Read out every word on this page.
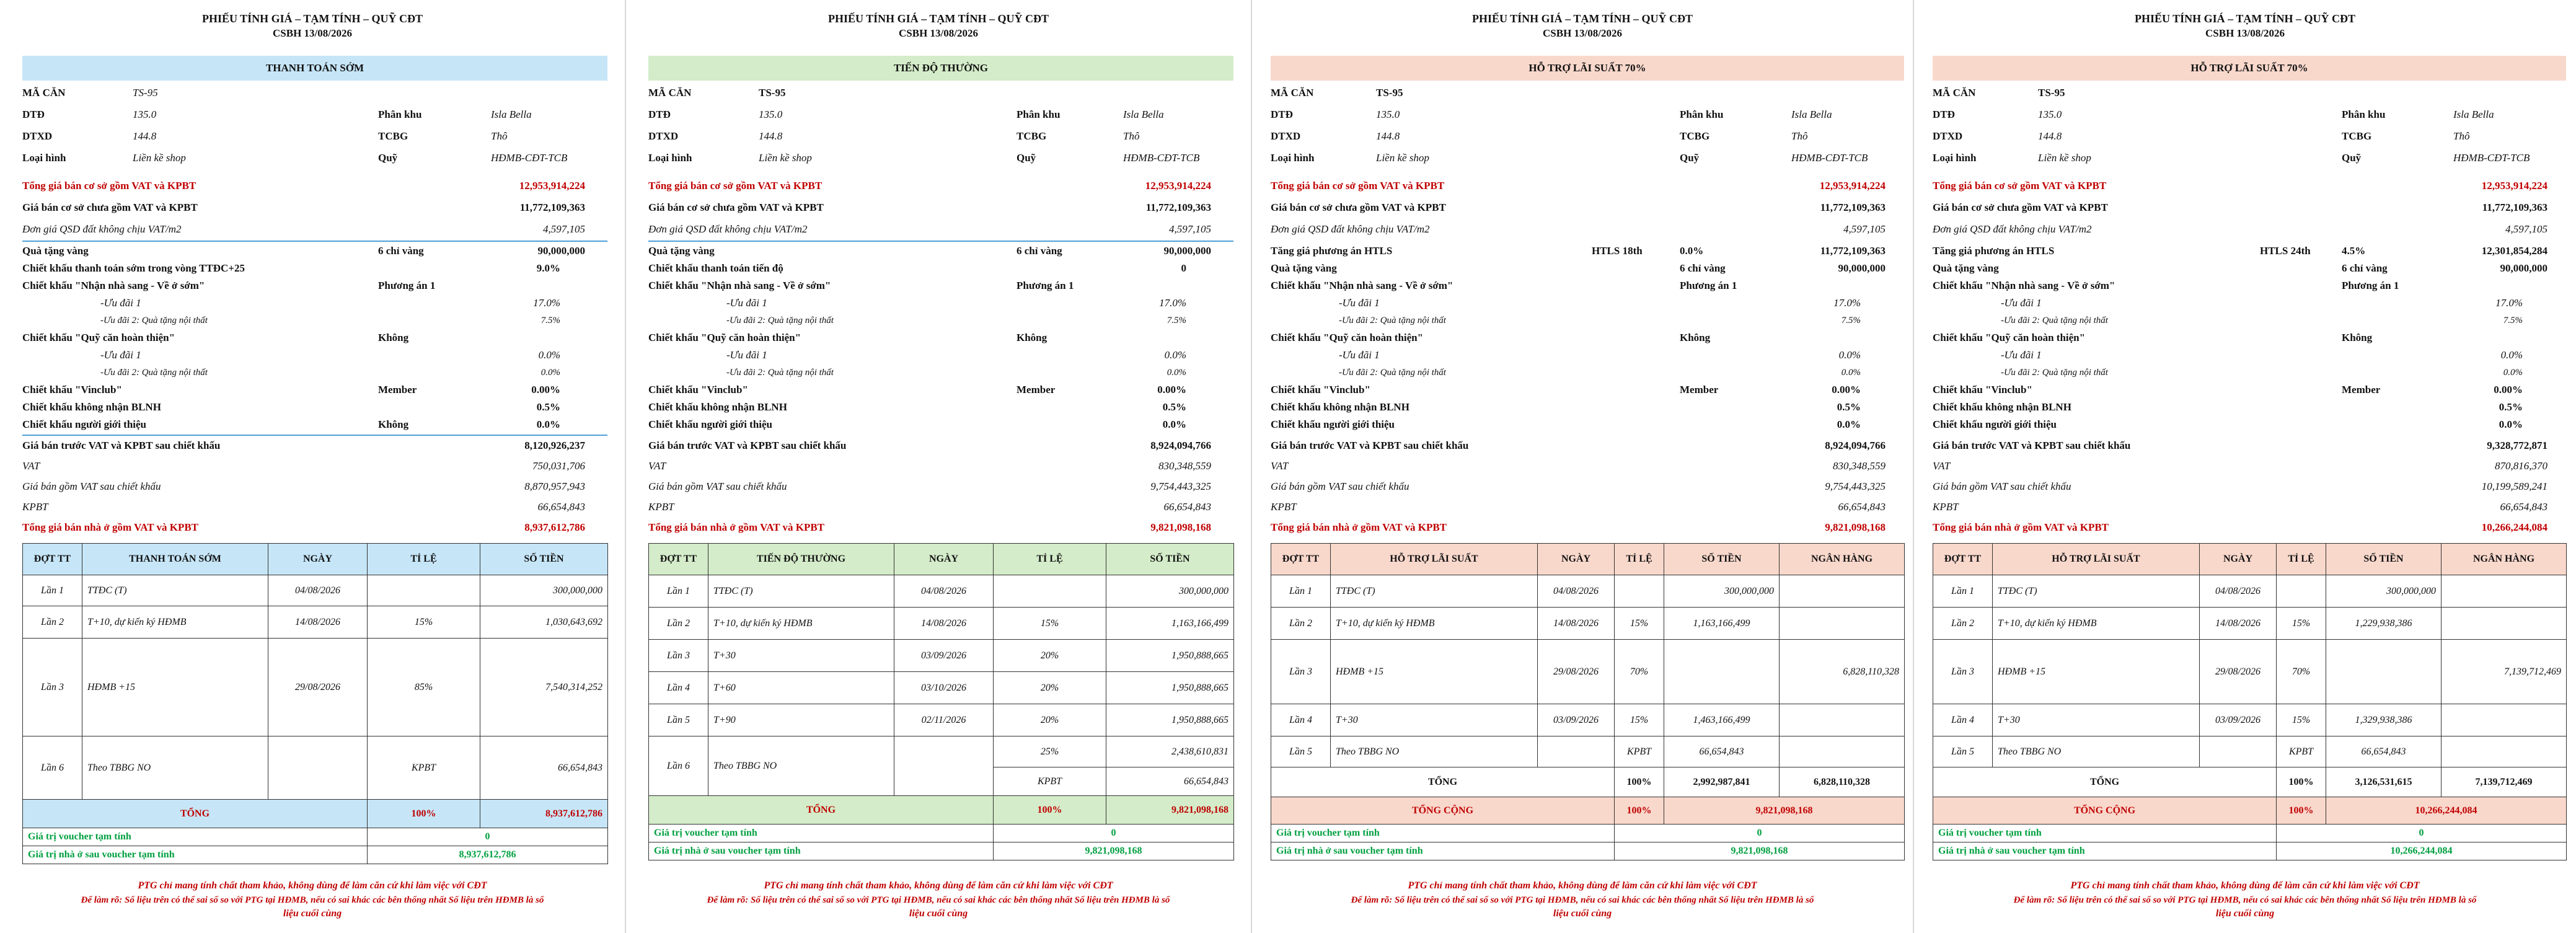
PHIẾU TÍNH GIÁ – TẠM TÍNH – QUỸ CĐT
CSBH 13/08/2026
THANH TOÁN SỚM
MÃ CĂN	TS-95
DTĐ	135.0	Phân khu	Isla Bella
DTXD	144.8	TCBG	Thô
Loại hình	Liền kề shop	Quỹ	HĐMB-CĐT-TCB
Tổng giá bán cơ sở gồm VAT và KPBT	12,953,914,224
Giá bán cơ sở chưa gồm VAT và KPBT	11,772,109,363
Đơn giá QSD đất không chịu VAT/m2	4,597,105
Quà tặng vàng	6 chỉ vàng	90,000,000
Chiết khấu thanh toán sớm trong vòng TTĐC+25	9.0%
Chiết khấu "Nhận nhà sang - Về ở sớm"	Phương án 1
-Ưu đãi 1	17.0%
-Ưu đãi 2: Quà tặng nội thất	7.5%
Chiết khấu "Quỹ căn hoàn thiện"	Không
-Ưu đãi 1	0.0%
-Ưu đãi 2: Quà tặng nội thất	0.0%
Chiết khấu "Vinclub"	Member	0.00%
Chiết khấu không nhận BLNH	0.5%
Chiết khấu người giới thiệu	Không	0.0%
Giá bán trước VAT và KPBT sau chiết khấu	8,120,926,237
VAT	750,031,706
Giá bán gồm VAT sau chiết khấu	8,870,957,943
KPBT	66,654,843
Tổng giá bán nhà ở gồm VAT và KPBT	8,937,612,786
ĐỢT TT	THANH TOÁN SỚM	NGÀY	TỈ LỆ	SỐ TIỀN
Lần 1	TTĐC (T)	04/08/2026		300,000,000
Lần 2	T+10, dự kiến ký HĐMB	14/08/2026	15%	1,030,643,692
Lần 3	HĐMB +15	29/08/2026	85%	7,540,314,252
Lần 6	Theo TBBG NO		KPBT	66,654,843
TỔNG			100%	8,937,612,786
Giá trị voucher tạm tính			0	
Giá trị nhà ở sau voucher tạm tính			8,937,612,786	
PTG chỉ mang tính chất tham khảo, không dùng để làm căn cứ khi làm việc với CĐT
Để làm rõ: Số liệu trên có thể sai số so với PTG tại HĐMB, nếu có sai khác các bên thống nhất Số liệu trên HĐMB là số
liệu cuối cùng
PHIẾU TÍNH GIÁ – TẠM TÍNH – QUỸ CĐT
CSBH 13/08/2026
TIẾN ĐỘ THƯỜNG
MÃ CĂN	TS-95
DTĐ	135.0	Phân khu	Isla Bella
DTXD	144.8	TCBG	Thô
Loại hình	Liền kề shop	Quỹ	HĐMB-CĐT-TCB
Tổng giá bán cơ sở gồm VAT và KPBT	12,953,914,224
Giá bán cơ sở chưa gồm VAT và KPBT	11,772,109,363
Đơn giá QSD đất không chịu VAT/m2	4,597,105
Quà tặng vàng	6 chỉ vàng	90,000,000
Chiết khấu thanh toán tiến độ	0
Chiết khấu "Nhận nhà sang - Về ở sớm"	Phương án 1
-Ưu đãi 1	17.0%
-Ưu đãi 2: Quà tặng nội thất	7.5%
Chiết khấu "Quỹ căn hoàn thiện"	Không
-Ưu đãi 1	0.0%
-Ưu đãi 2: Quà tặng nội thất	0.0%
Chiết khấu "Vinclub"	Member	0.00%
Chiết khấu không nhận BLNH	0.5%
Chiết khấu người giới thiệu	0.0%
Giá bán trước VAT và KPBT sau chiết khấu	8,924,094,766
VAT	830,348,559
Giá bán gồm VAT sau chiết khấu	9,754,443,325
KPBT	66,654,843
Tổng giá bán nhà ở gồm VAT và KPBT	9,821,098,168
ĐỢT TT	TIẾN ĐỘ THƯỜNG	NGÀY	TỈ LỆ	SỐ TIỀN
Lần 1	TTĐC (T)	04/08/2026		300,000,000
Lần 2	T+10, dự kiến ký HĐMB	14/08/2026	15%	1,163,166,499
Lần 3	T+30	03/09/2026	20%	1,950,888,665
Lần 4	T+60	03/10/2026	20%	1,950,888,665
Lần 5	T+90	02/11/2026	20%	1,950,888,665
Lần 6	Theo TBBG NO		25%	2,438,610,831
			KPBT	66,654,843
TỔNG			100%	9,821,098,168
Giá trị voucher tạm tính			0	
Giá trị nhà ở sau voucher tạm tính			9,821,098,168	
PTG chỉ mang tính chất tham khảo, không dùng để làm căn cứ khi làm việc với CĐT
Để làm rõ: Số liệu trên có thể sai số so với PTG tại HĐMB, nếu có sai khác các bên thống nhất Số liệu trên HĐMB là số
liệu cuối cùng
PHIẾU TÍNH GIÁ – TẠM TÍNH – QUỸ CĐT
CSBH 13/08/2026
HỖ TRỢ LÃI SUẤT 70%
MÃ CĂN	TS-95
DTĐ	135.0	Phân khu	Isla Bella
DTXD	144.8	TCBG	Thô
Loại hình	Liền kề shop	Quỹ	HĐMB-CĐT-TCB
Tổng giá bán cơ sở gồm VAT và KPBT	12,953,914,224
Giá bán cơ sở chưa gồm VAT và KPBT	11,772,109,363
Đơn giá QSD đất không chịu VAT/m2	4,597,105
Tăng giá phương án HTLS	HTLS 18th	0.0%	11,772,109,363
Quà tặng vàng	6 chỉ vàng	90,000,000
Chiết khấu "Nhận nhà sang - Về ở sớm"	Phương án 1
-Ưu đãi 1	17.0%
-Ưu đãi 2: Quà tặng nội thất	7.5%
Chiết khấu "Quỹ căn hoàn thiện"	Không
-Ưu đãi 1	0.0%
-Ưu đãi 2: Quà tặng nội thất	0.0%
Chiết khấu "Vinclub"	Member	0.00%
Chiết khấu không nhận BLNH	0.5%
Chiết khấu người giới thiệu	0.0%
Giá bán trước VAT và KPBT sau chiết khấu	8,924,094,766
VAT	830,348,559
Giá bán gồm VAT sau chiết khấu	9,754,443,325
KPBT	66,654,843
Tổng giá bán nhà ở gồm VAT và KPBT	9,821,098,168
ĐỢT TT	HỖ TRỢ LÃI SUẤT	NGÀY	TỈ LỆ	SỐ TIỀN	NGÂN HÀNG
Lần 1	TTĐC (T)	04/08/2026		300,000,000	
Lần 2	T+10, dự kiến ký HĐMB	14/08/2026	15%	1,163,166,499	
Lần 3	HĐMB +15	29/08/2026	70%		6,828,110,328
Lần 4	T+30	03/09/2026	15%	1,463,166,499	
Lần 5	Theo TBBG NO		KPBT	66,654,843	
TỔNG			100%	2,992,987,841	6,828,110,328
TỔNG CỘNG			100%	9,821,098,168	
Giá trị voucher tạm tính			0		
Giá trị nhà ở sau voucher tạm tính			9,821,098,168		
PTG chỉ mang tính chất tham khảo, không dùng để làm căn cứ khi làm việc với CĐT
Để làm rõ: Số liệu trên có thể sai số so với PTG tại HĐMB, nếu có sai khác các bên thống nhất Số liệu trên HĐMB là số
liệu cuối cùng
PHIẾU TÍNH GIÁ – TẠM TÍNH – QUỸ CĐT
CSBH 13/08/2026
HỖ TRỢ LÃI SUẤT 70%
MÃ CĂN	TS-95
DTĐ	135.0	Phân khu	Isla Bella
DTXD	144.8	TCBG	Thô
Loại hình	Liền kề shop	Quỹ	HĐMB-CĐT-TCB
Tổng giá bán cơ sở gồm VAT và KPBT	12,953,914,224
Giá bán cơ sở chưa gồm VAT và KPBT	11,772,109,363
Đơn giá QSD đất không chịu VAT/m2	4,597,105
Tăng giá phương án HTLS	HTLS 24th	4.5%	12,301,854,284
Quà tặng vàng	6 chỉ vàng	90,000,000
Chiết khấu "Nhận nhà sang - Về ở sớm"	Phương án 1
-Ưu đãi 1	17.0%
-Ưu đãi 2: Quà tặng nội thất	7.5%
Chiết khấu "Quỹ căn hoàn thiện"	Không
-Ưu đãi 1	0.0%
-Ưu đãi 2: Quà tặng nội thất	0.0%
Chiết khấu "Vinclub"	Member	0.00%
Chiết khấu không nhận BLNH	0.5%
Chiết khấu người giới thiệu	0.0%
Giá bán trước VAT và KPBT sau chiết khấu	9,328,772,871
VAT	870,816,370
Giá bán gồm VAT sau chiết khấu	10,199,589,241
KPBT	66,654,843
Tổng giá bán nhà ở gồm VAT và KPBT	10,266,244,084
ĐỢT TT	HỖ TRỢ LÃI SUẤT	NGÀY	TỈ LỆ	SỐ TIỀN	NGÂN HÀNG
Lần 1	TTĐC (T)	04/08/2026		300,000,000	
Lần 2	T+10, dự kiến ký HĐMB	14/08/2026	15%	1,229,938,386	
Lần 3	HĐMB +15	29/08/2026	70%		7,139,712,469
Lần 4	T+30	03/09/2026	15%	1,329,938,386	
Lần 5	Theo TBBG NO		KPBT	66,654,843	
TỔNG			100%	3,126,531,615	7,139,712,469
TỔNG CỘNG			100%	10,266,244,084	
Giá trị voucher tạm tính			0		
Giá trị nhà ở sau voucher tạm tính			10,266,244,084		
PTG chỉ mang tính chất tham khảo, không dùng để làm căn cứ khi làm việc với CĐT
Để làm rõ: Số liệu trên có thể sai số so với PTG tại HĐMB, nếu có sai khác các bên thống nhất Số liệu trên HĐMB là số
liệu cuối cùng
